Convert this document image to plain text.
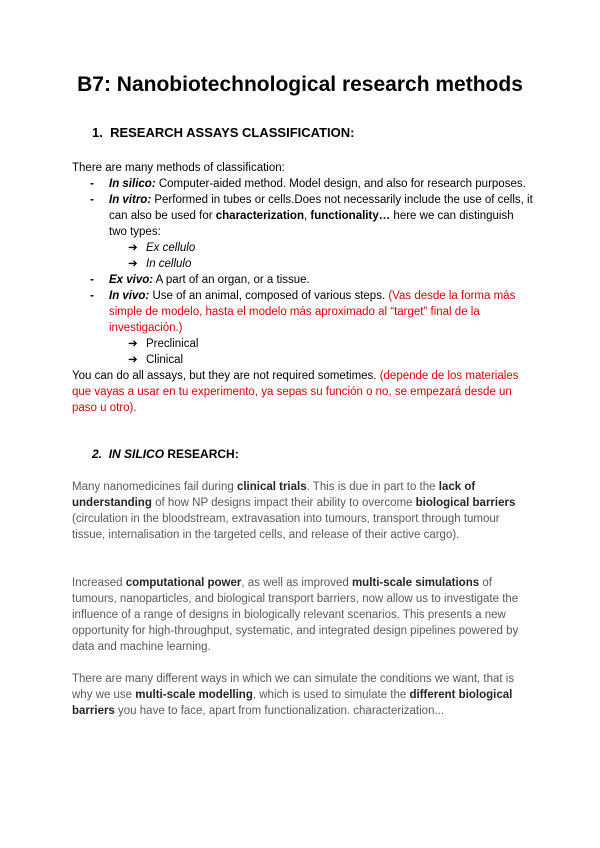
B7: Nanobiotechnological research methods
1. RESEARCH ASSAYS CLASSIFICATION:

There are many methods of classification:

- In silico: Computer-aided method. Model design, and also for research purposes.
- In vitro: Performed in tubes or cells.Does not necessarily include the use of cells, it can also be used for characterization, functionality… here we can distinguish two types:
➔ Ex cellulo
➔ In cellulo
- Ex vivo: A part of an organ, or a tissue.
- In vivo: Use of an animal, composed of various steps. (Vas desde la forma más simple de modelo, hasta el modelo más aproximado al “target” final de la investigación.)
➔ Preclinical
➔ Clinical

You can do all assays, but they are not required sometimes. (depende de los materiales que vayas a usar en tu experimento, ya sepas su función o no, se empezará desde un paso u otro).

2. IN SILICO RESEARCH:
Many nanomedicines fail during clinical trials. This is due in part to the lack of understanding of how NP designs impact their ability to overcome biological barriers (circulation in the bloodstream, extravasation into tumours, transport through tumour tissue, internalisation in the targeted cells, and release of their active cargo).
Increased computational power, as well as improved multi-scale simulations of tumours, nanoparticles, and biological transport barriers, now allow us to investigate the influence of a range of designs in biologically relevant scenarios. This presents a new opportunity for high-throughput, systematic, and integrated design pipelines powered by data and machine learning.
There are many different ways in which we can simulate the conditions we want, that is why we use multi-scale modelling, which is used to simulate the different biological barriers you have to face, apart from functionalization. characterization...
